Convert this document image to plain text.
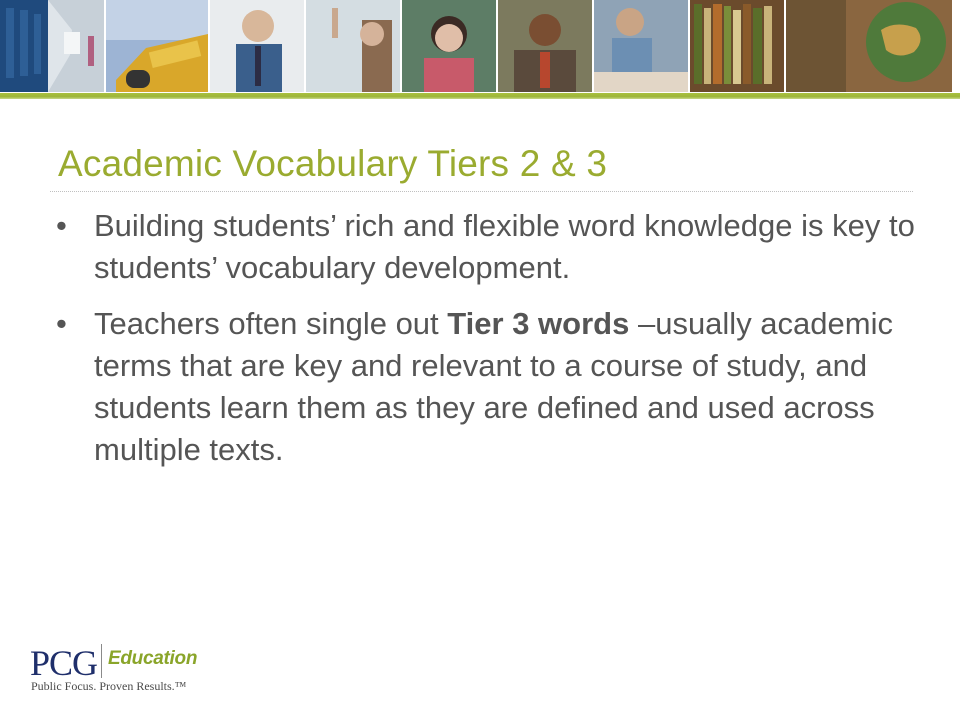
Academic Vocabulary Tiers 2 & 3
• Building students’ rich and flexible word knowledge is key to students’ vocabulary development.
• Teachers often single out Tier 3 words –usually academic terms that are key and relevant to a course of study, and students learn them as they are defined and used across multiple texts.
PCG Education
Public Focus. Proven Results.™
